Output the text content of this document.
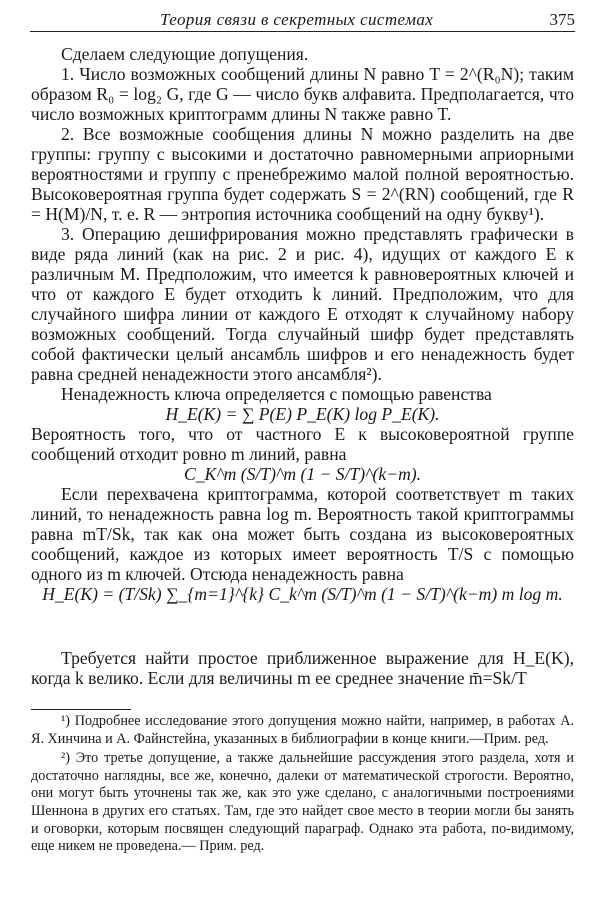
Теория связи в секретных системах	375

Сделаем следующие допущения.

1. Число возможных сообщений длины N равно T = 2^(R₀N); таким образом R₀ = log₂ G, где G — число букв алфавита. Предполагается, что число возможных криптограмм длины N также равно T.

2. Все возможные сообщения длины N можно разделить на две группы: группу с высокими и достаточно равномерными априорными вероятностями и группу с пренебрежимо малой полной вероятностью. Высоковероятная группа будет содержать S = 2^(RN) сообщений, где R = H(M)/N, т. е. R — энтропия источника сообщений на одну букву¹).

3. Операцию дешифрирования можно представлять графически в виде ряда линий (как на рис. 2 и рис. 4), идущих от каждого E к различным M. Предположим, что имеется k равновероятных ключей и что от каждого E будет отходить k линий. Предположим, что для случайного шифра линии от каждого E отходят к случайному набору возможных сообщений. Тогда случайный шифр будет представлять собой фактически целый ансамбль шифров и его ненадежность будет равна средней ненадежности этого ансамбля²).

Ненадежность ключа определяется с помощью равенства

H_E(K) = ∑ P(E) P_E(K) log P_E(K).

Вероятность того, что от частного E к высоковероятной группе сообщений отходит ровно m линий, равна

C_K^m (S/T)^m (1 − S/T)^(k−m).

Если перехвачена криптограмма, которой соответствует m таких линий, то ненадежность равна log m. Вероятность такой криптограммы равна mT/Sk, так как она может быть создана из высоковероятных сообщений, каждое из которых имеет вероятность T/S с помощью одного из m ключей. Отсюда ненадежность равна

H_E(K) = (T/Sk) ∑_{m=1}^{k} C_k^m (S/T)^m (1 − S/T)^(k−m) m log m.

Требуется найти простое приближенное выражение для H_E(K), когда k велико. Если для величины m ее среднее значение m̄=Sk/T

¹) Подробнее исследование этого допущения можно найти, например, в работах А. Я. Хинчина и А. Файнстейна, указанных в библиографии в конце книги.—Прим. ред.

²) Это третье допущение, а также дальнейшие рассуждения этого раздела, хотя и достаточно наглядны, все же, конечно, далеки от математической строгости. Вероятно, они могут быть уточнены так же, как это уже сделано, с аналогичными построениями Шеннона в других его статьях. Там, где это найдет свое место в теории могли бы занять и оговорки, которым посвящен следующий параграф. Однако эта работа, по-видимому, еще никем не проведена.— Прим. ред.
